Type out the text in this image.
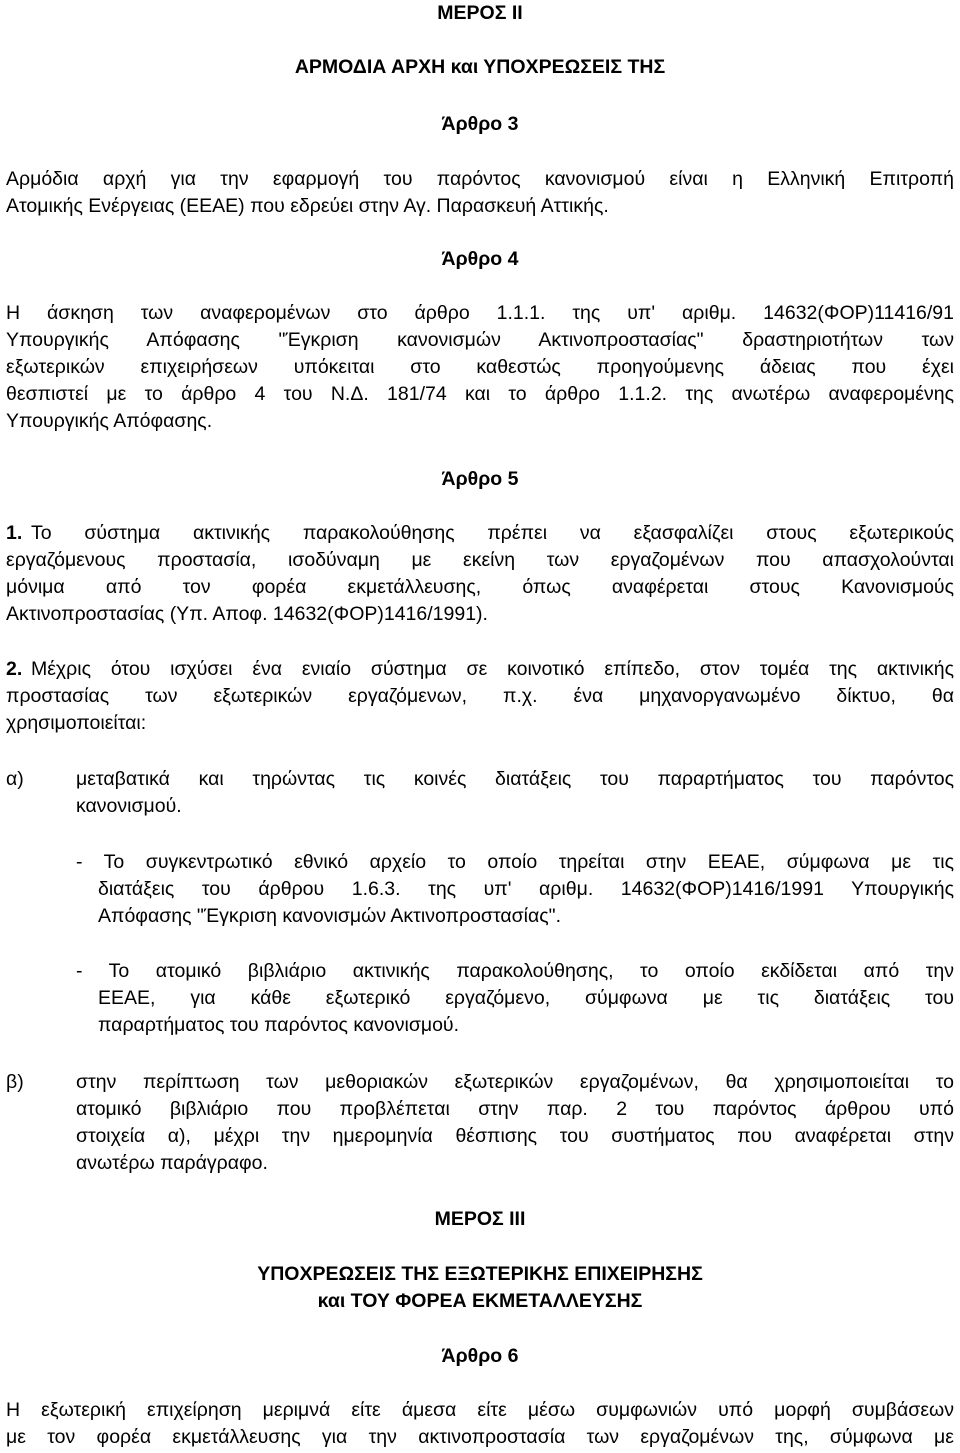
ΜΕΡΟΣ ΙΙ
ΑΡΜΟΔΙΑ ΑΡΧΗ και ΥΠΟΧΡΕΩΣΕΙΣ ΤΗΣ
Άρθρο 3
Αρμόδια αρχή για την εφαρμογή του παρόντος κανονισμού είναι η Ελληνική Επιτροπή
Ατομικής Ενέργειας (ΕΕΑΕ) που εδρεύει στην Αγ. Παρασκευή Αττικής.
Άρθρο 4
Η άσκηση των αναφερομένων στο άρθρο 1.1.1. της υπ' αριθμ. 14632(ΦΟΡ)11416/91
Υπουργικής Απόφασης "Έγκριση κανονισμών Ακτινοπροστασίας" δραστηριοτήτων των
εξωτερικών επιχειρήσεων υπόκειται στο καθεστώς προηγούμενης άδειας που έχει
θεσπιστεί με το άρθρο 4 του Ν.Δ. 181/74 και το άρθρο 1.1.2. της ανωτέρω αναφερομένης
Υπουργικής Απόφασης.
Άρθρο 5
1. Το σύστημα ακτινικής παρακολούθησης πρέπει να εξασφαλίζει στους εξωτερικούς
εργαζόμενους προστασία, ισοδύναμη με εκείνη των εργαζομένων που απασχολούνται
μόνιμα από τον φορέα εκμετάλλευσης, όπως αναφέρεται στους Κανονισμούς
Ακτινοπροστασίας (Υπ. Αποφ. 14632(ΦΟΡ)1416/1991).
2. Μέχρις ότου ισχύσει ένα ενιαίο σύστημα σε κοινοτικό επίπεδο, στον τομέα της ακτινικής
προστασίας των εξωτερικών εργαζόμενων, π.χ. ένα μηχανοργανωμένο δίκτυο, θα
χρησιμοποιείται:
α)	μεταβατικά και τηρώντας τις κοινές διατάξεις του παραρτήματος του παρόντος
κανονισμού.
- Το συγκεντρωτικό εθνικό αρχείο το οποίο τηρείται στην ΕΕΑΕ, σύμφωνα με τις
διατάξεις του άρθρου 1.6.3. της υπ' αριθμ. 14632(ΦΟΡ)1416/1991 Υπουργικής
Απόφασης "Έγκριση κανονισμών Ακτινοπροστασίας".
- Το ατομικό βιβλιάριο ακτινικής παρακολούθησης, το οποίο εκδίδεται από την
ΕΕΑΕ, για κάθε εξωτερικό εργαζόμενο, σύμφωνα με τις διατάξεις του
παραρτήματος του παρόντος κανονισμού.
β)	στην περίπτωση των μεθοριακών εξωτερικών εργαζομένων, θα χρησιμοποιείται το
ατομικό βιβλιάριο που προβλέπεται στην παρ. 2 του παρόντος άρθρου υπό
στοιχεία α), μέχρι την ημερομηνία θέσπισης του συστήματος που αναφέρεται στην
ανωτέρω παράγραφο.
ΜΕΡΟΣ ΙΙΙ
ΥΠΟΧΡΕΩΣΕΙΣ ΤΗΣ ΕΞΩΤΕΡΙΚΗΣ ΕΠΙΧΕΙΡΗΣΗΣ
και ΤΟΥ ΦΟΡΕΑ ΕΚΜΕΤΑΛΛΕΥΣΗΣ
Άρθρο 6
Η εξωτερική επιχείρηση μεριμνά είτε άμεσα είτε μέσω συμφωνιών υπό μορφή συμβάσεων
με τον φορέα εκμετάλλευσης για την ακτινοπροστασία των εργαζομένων της, σύμφωνα με
